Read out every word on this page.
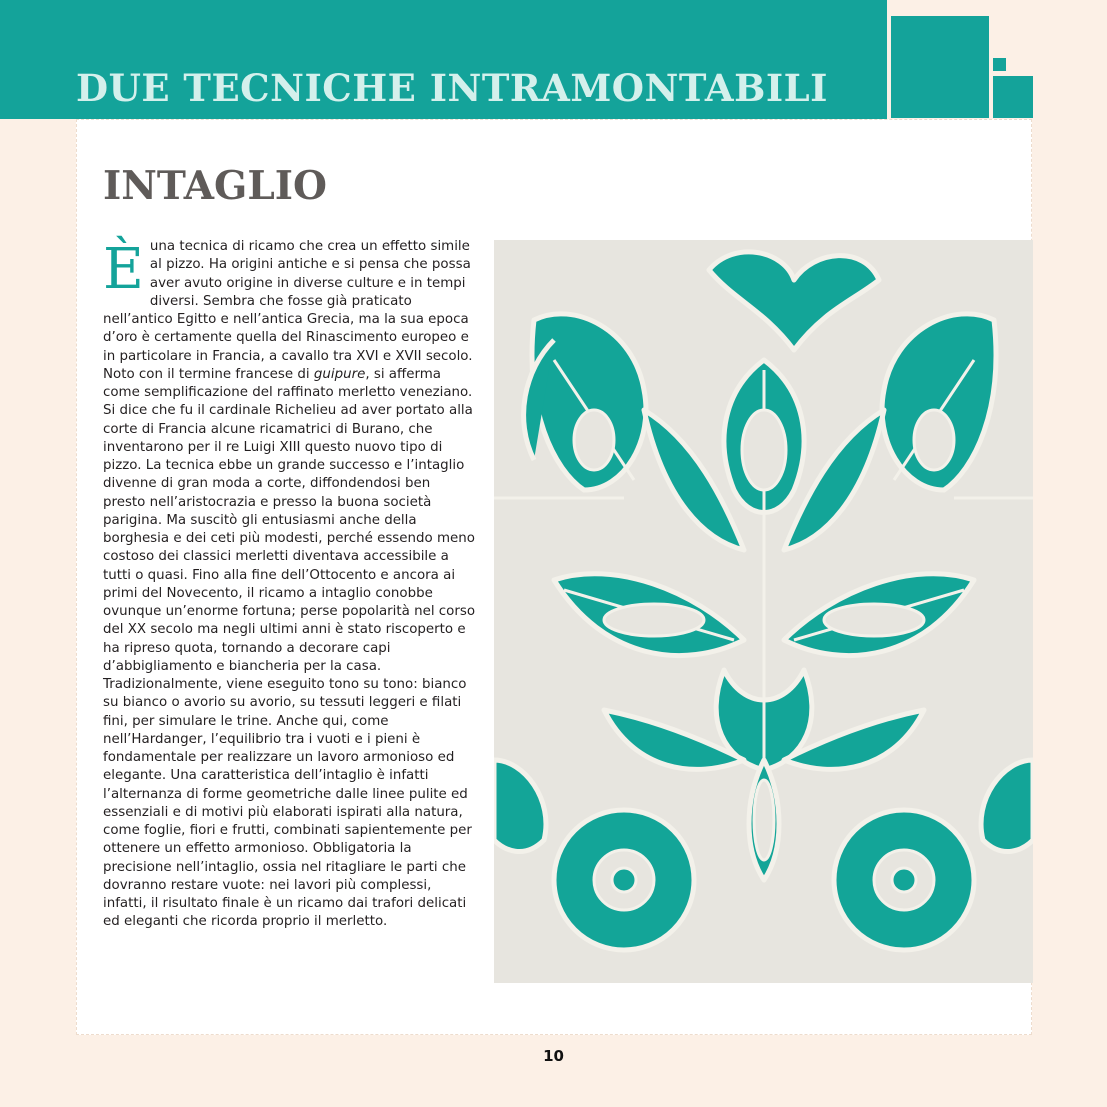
DUE TECNICHE INTRAMONTABILI
INTAGLIO

È una tecnica di ricamo che crea un effetto simile al pizzo. Ha origini antiche e si pensa che possa aver avuto origine in diverse culture e in tempi diversi. Sembra che fosse già praticato nell’antico Egitto e nell’antica Grecia, ma la sua epoca d’oro è certamente quella del Rinascimento europeo e in particolare in Francia, a cavallo tra XVI e XVII secolo. Noto con il termine francese di guipure, si afferma come semplificazione del raffinato merletto veneziano. Si dice che fu il cardinale Richelieu ad aver portato alla corte di Francia alcune ricamatrici di Burano, che inventarono per il re Luigi XIII questo nuovo tipo di pizzo. La tecnica ebbe un grande successo e l’intaglio divenne di gran moda a corte, diffondendosi ben presto nell’aristocrazia e presso la buona società parigina. Ma suscitò gli entusiasmi anche della borghesia e dei ceti più modesti, perché essendo meno costoso dei classici merletti diventava accessibile a tutti o quasi. Fino alla fine dell’Ottocento e ancora ai primi del Novecento, il ricamo a intaglio conobbe ovunque un’enorme fortuna; perse popolarità nel corso del XX secolo ma negli ultimi anni è stato riscoperto e ha ripreso quota, tornando a decorare capi d’abbigliamento e biancheria per la casa.

Tradizionalmente, viene eseguito tono su tono: bianco su bianco o avorio su avorio, su tessuti leggeri e filati fini, per simulare le trine. Anche qui, come nell’Hardanger, l’equilibrio tra i vuoti e i pieni è fondamentale per realizzare un lavoro armonioso ed elegante. Una caratteristica dell’intaglio è infatti l’alternanza di forme geometriche dalle linee pulite ed essenziali e di motivi più elaborati ispirati alla natura, come foglie, fiori e frutti, combinati sapientemente per ottenere un effetto armonioso. Obbligatoria la precisione nell’intaglio, ossia nel ritagliare le parti che dovranno restare vuote: nei lavori più complessi, infatti, il risultato finale è un ricamo dai trafori delicati ed eleganti che ricorda proprio il merletto.

10
